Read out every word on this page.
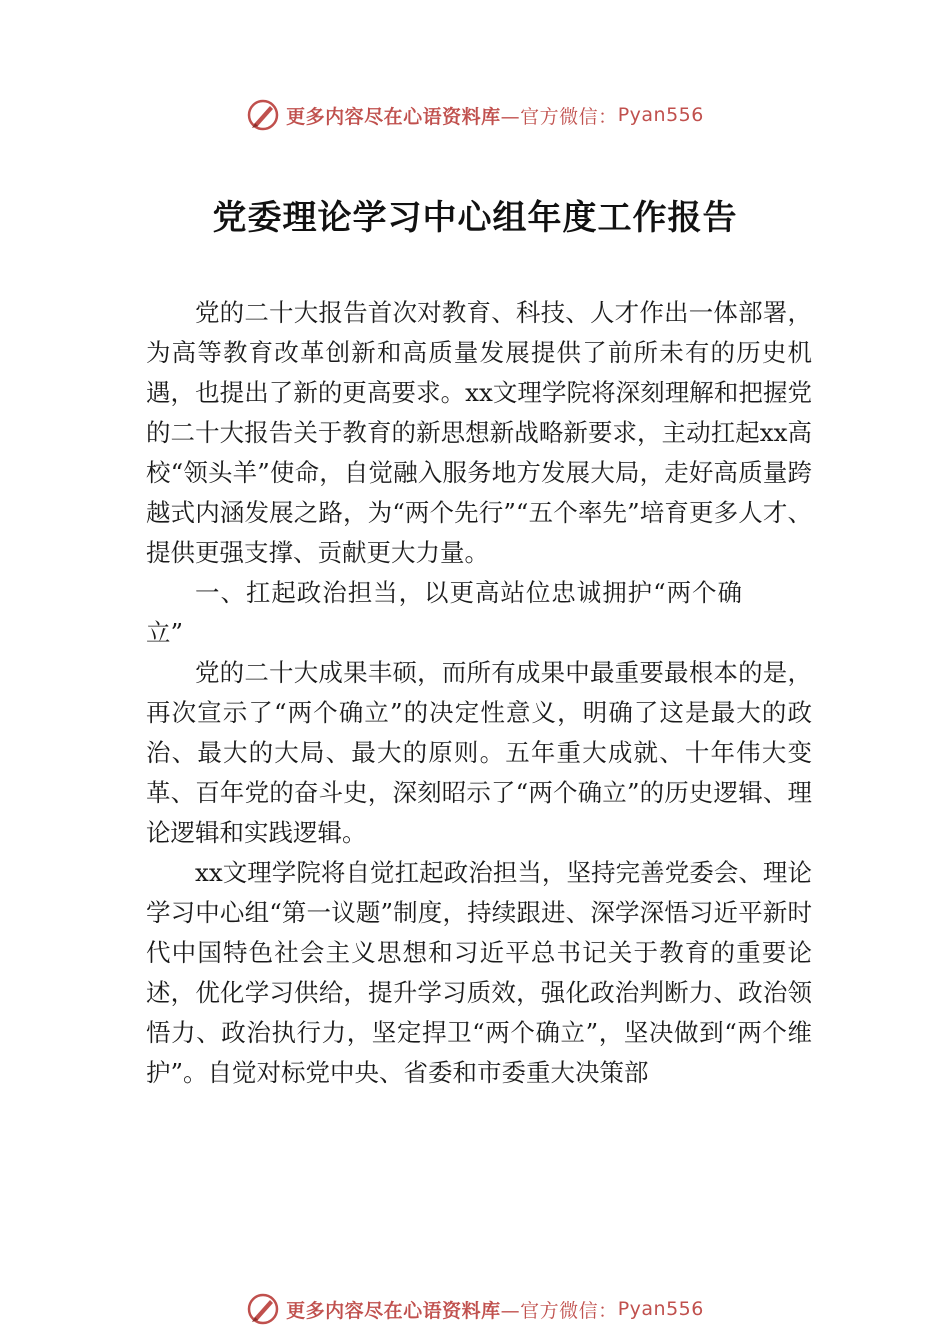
更多内容尽在心语资料库 —官方微信： Pyan556
党委理论学习中心组年度工作报告

党的二十大报告首次对教育、科技、人才作出一体部署，为高等教育改革创新和高质量发展提供了前所未有的历史机遇，也提出了新的更高要求。xx文理学院将深刻理解和把握党的二十大报告关于教育的新思想新战略新要求，主动扛起xx高校“领头羊”使命，自觉融入服务地方发展大局，走好高质量跨越式内涵发展之路，为“两个先行”“五个率先”培育更多人才、提供更强支撑、贡献更大力量。

一、扛起政治担当，以更高站位忠诚拥护“两个确立”

党的二十大成果丰硕，而所有成果中最重要最根本的是，再次宣示了“两个确立”的决定性意义，明确了这是最大的政治、最大的大局、最大的原则。五年重大成就、十年伟大变革、百年党的奋斗史，深刻昭示了“两个确立”的历史逻辑、理论逻辑和实践逻辑。

xx文理学院将自觉扛起政治担当，坚持完善党委会、理论学习中心组“第一议题”制度，持续跟进、深学深悟习近平新时代中国特色社会主义思想和习近平总书记关于教育的重要论述，优化学习供给，提升学习质效，强化政治判断力、政治领悟力、政治执行力，坚定捍卫“两个确立”，坚决做到“两个维护”。自觉对标党中央、省委和市委重大决策部

更多内容尽在心语资料库 —官方微信： Pyan556
